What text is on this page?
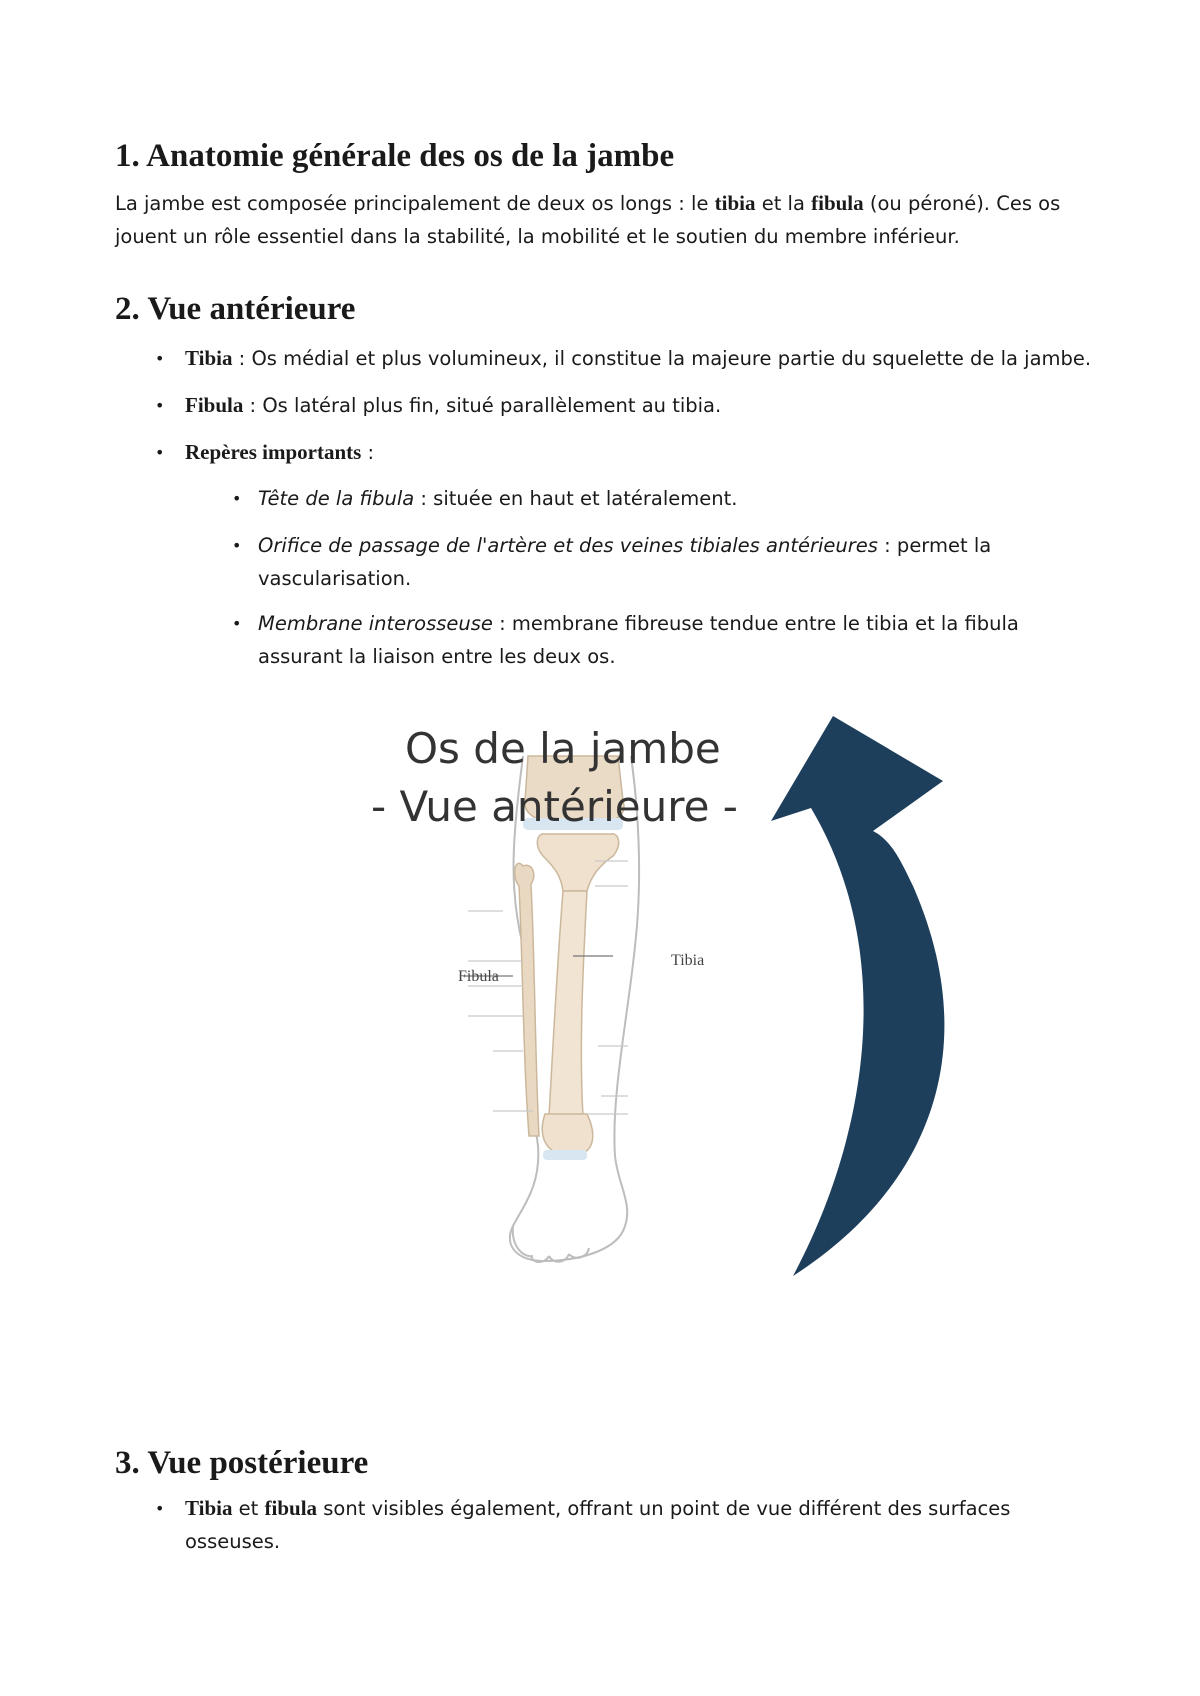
1. Anatomie générale des os de la jambe

La jambe est composée principalement de deux os longs : le tibia et la fibula (ou péroné). Ces os jouent un rôle essentiel dans la stabilité, la mobilité et le soutien du membre inférieur.

2. Vue antérieure
• Tibia : Os médial et plus volumineux, il constitue la majeure partie du squelette de la jambe.
• Fibula : Os latéral plus fin, situé parallèlement au tibia.
• Repères importants :
• Tête de la fibula : située en haut et latéralement.
• Orifice de passage de l'artère et des veines tibiales antérieures : permet la vascularisation.
• Membrane interosseuse : membrane fibreuse tendue entre le tibia et la fibula assurant la liaison entre les deux os.
3. Vue postérieure
• Tibia et fibula sont visibles également, offrant un point de vue différent des surfaces osseuses.
Os de la jambe
- Vue antérieure -
Fibula
Tibia
